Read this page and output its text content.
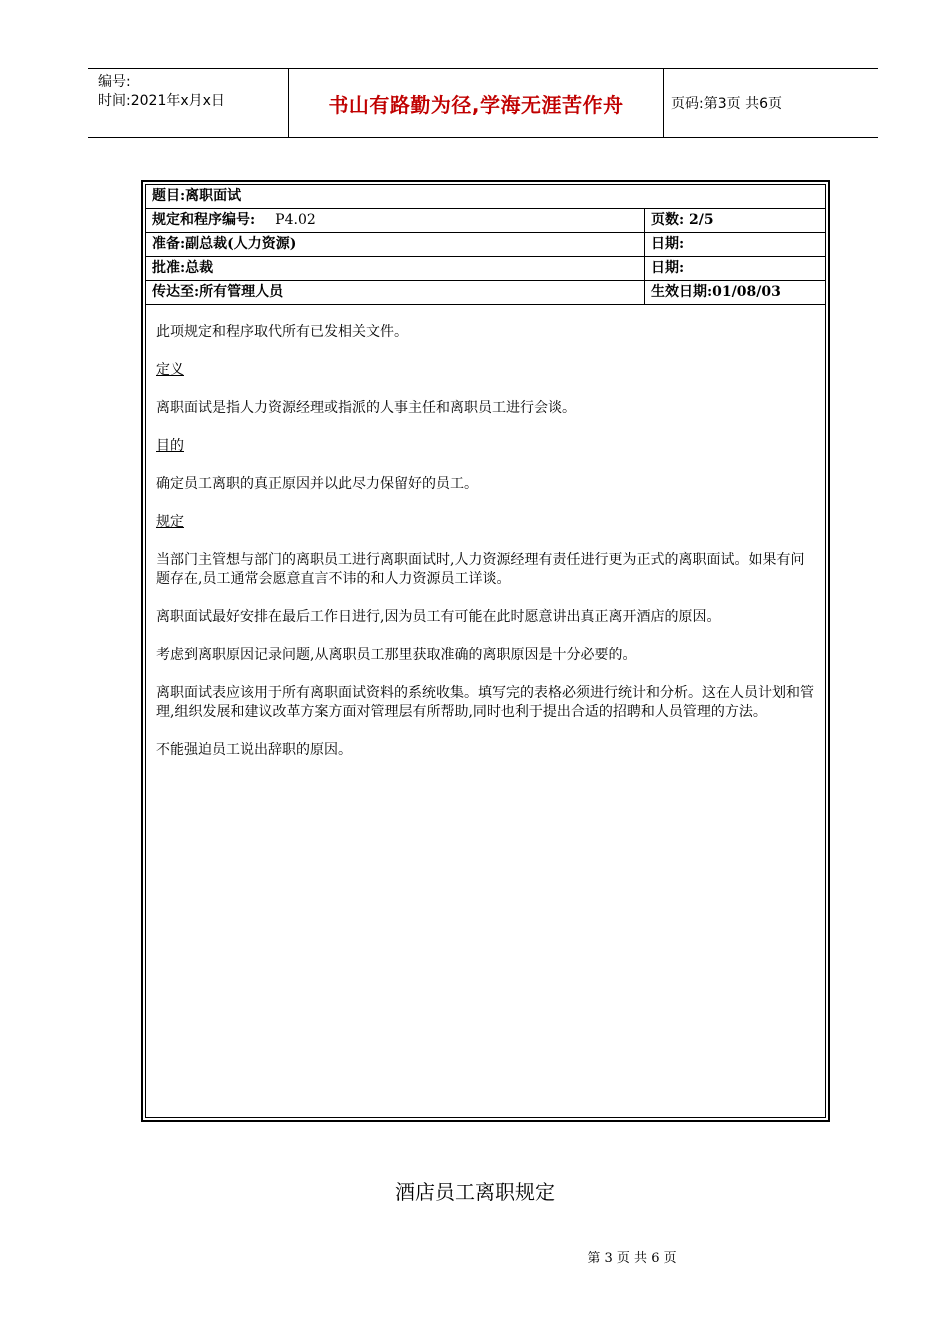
编号:
时间:2021年x月x日	书山有路勤为径,学海无涯苦作舟	页码:第3页 共6页
题目:离职面试
规定和程序编号: P4.02	页数: 2/5
准备:副总裁(人力资源)	日期:
批准:总裁	日期:
传达至:所有管理人员	生效日期:01/08/03

此项规定和程序取代所有已发相关文件。

定义

离职面试是指人力资源经理或指派的人事主任和离职员工进行会谈。

目的

确定员工离职的真正原因并以此尽力保留好的员工。

规定

当部门主管想与部门的离职员工进行离职面试时,人力资源经理有责任进行更为正式的离职面试。如果有问题存在,员工通常会愿意直言不讳的和人力资源员工详谈。

离职面试最好安排在最后工作日进行,因为员工有可能在此时愿意讲出真正离开酒店的原因。

考虑到离职原因记录问题,从离职员工那里获取准确的离职原因是十分必要的。

离职面试表应该用于所有离职面试资料的系统收集。填写完的表格必须进行统计和分析。这在人员计划和管理,组织发展和建议改革方案方面对管理层有所帮助,同时也利于提出合适的招聘和人员管理的方法。

不能强迫员工说出辞职的原因。

酒店员工离职规定
第 3 页 共 6 页
